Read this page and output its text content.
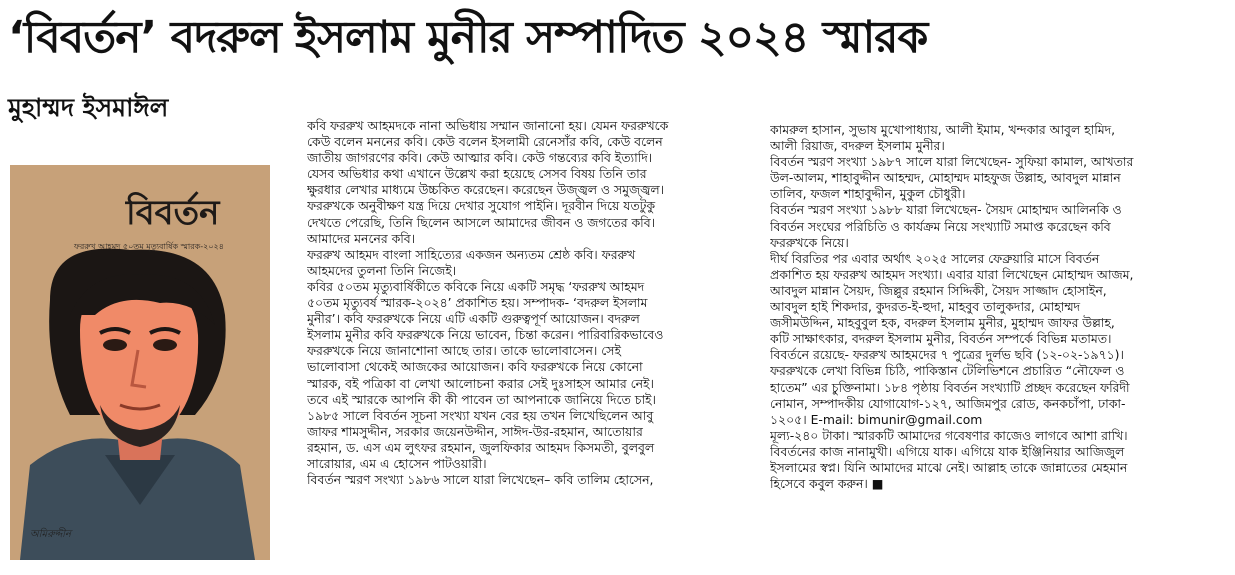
‘বিবর্তন’ বদরুল ইসলাম মুনীর সম্পাদিত ২০২৪ স্মারক
মুহাম্মদ ইসমাঈল
বিবর্তন
ফররুখ আহমদ ৫০তম মৃত্যুবার্ষিক স্মারক-২০২৪
অমিরুদ্দীন
কবি ফররুখ আহমদকে নানা অভিধায় সম্মান জানানো হয়। যেমন ফররুখকে
কেউ বলেন মননের কবি। কেউ বলেন ইসলামী রেনেসাঁর কবি, কেউ বলেন
জাতীয় জাগরণের কবি। কেউ আত্মার কবি। কেউ গন্তব্যের কবি ইত্যাদি।
যেসব অভিধার কথা এখানে উল্লেখ করা হয়েছে সেসব বিষয় তিনি তার
ক্ষুরধার লেখার মাধ্যমে উচ্চকিত করেছেন। করেছেন উজ্জ্বল ও সমুজ্জ্বল।
ফররুখকে অনুবীক্ষণ যন্ত্র দিয়ে দেখার সুযোগ পাইনি। দূরবীন দিয়ে যতটুকু
দেখতে পেরেছি, তিনি ছিলেন আসলে আমাদের জীবন ও জগতের কবি।
আমাদের মননের কবি।
ফররুখ আহমদ বাংলা সাহিত্যের একজন অন্যতম শ্রেষ্ঠ কবি। ফররুখ
আহমদের তুলনা তিনি নিজেই।
কবির ৫০তম মৃত্যুবার্ষিকীতে কবিকে নিয়ে একটি সমৃদ্ধ ‘ফররুখ আহমদ
৫০তম মৃত্যুবর্ষ স্মারক-২০২৪’ প্রকাশিত হয়। সম্পাদক- ‘বদরুল ইসলাম
মুনীর’। কবি ফররুখকে নিয়ে এটি একটি গুরুত্বপূর্ণ আয়োজন। বদরুল
ইসলাম মুনীর কবি ফররুখকে নিয়ে ভাবেন, চিন্তা করেন। পারিবারিকভাবেও
ফররুখকে নিয়ে জানাশোনা আছে তার। তাকে ভালোবাসেন। সেই
ভালোবাসা থেকেই আজকের আয়োজন। কবি ফররুখকে নিয়ে কোনো
স্মারক, বই পত্রিকা বা লেখা আলোচনা করার সেই দুঃসাহস আমার নেই।
তবে এই স্মারকে আপনি কী কী পাবেন তা আপনাকে জানিয়ে দিতে চাই।
১৯৮৫ সালে বিবর্তন সূচনা সংখ্যা যখন বের হয় তখন লিখেছিলেন আবু
জাফর শামসুদ্দীন, সরকার জয়েনউদ্দীন, সাঈদ-উর-রহমান, আতোয়ার
রহমান, ড. এস এম লুৎফর রহমান, জুলফিকার আহমদ কিসমতী, বুলবুল
সারোয়ার, এম এ হোসেন পাটওয়ারী।
বিবর্তন স্মরণ সংখ্যা ১৯৮৬ সালে যারা লিখেছেন– কবি তালিম হোসেন,
কামরুল হাসান, সুভাষ মুখোপাধ্যায়, আলী ইমাম, খন্দকার আবুল হামিদ,
আলী রিয়াজ, বদরুল ইসলাম মুনীর।
বিবর্তন স্মরণ সংখ্যা ১৯৮৭ সালে যারা লিখেছেন- সুফিয়া কামাল, আখতার
উল-আলম, শাহাবুদ্দীন আহম্মদ, মোহাম্মদ মাহফুজ উল্লাহ, আবদুল মান্নান
তালিব, ফজল শাহাবুদ্দীন, মুকুল চৌধুরী।
বিবর্তন স্মরণ সংখ্যা ১৯৮৮ যারা লিখেছেন- সৈয়দ মোহাম্মদ আলিনকি ও
বিবর্তন সংঘের পরিচিতি ও কার্যক্রম নিয়ে সংখ্যাটি সমাপ্ত করেছেন কবি
ফররুখকে নিয়ে।
দীর্ঘ বিরতির পর এবার অর্থাৎ ২০২৫ সালের ফেব্রুয়ারি মাসে বিবর্তন
প্রকাশিত হয় ফররুখ আহমদ সংখ্যা। এবার যারা লিখেছেন মোহাম্মদ আজম,
আবদুল মান্নান সৈয়দ, জিল্লুর রহমান সিদ্দিকী, সৈয়দ সাজ্জাদ হোসাইন,
আবদুল হাই শিকদার, কুদরত-ই-হুদা, মাহবুব তালুকদার, মোহাম্মদ
জসীমউদ্দিন, মাহবুবুল হক, বদরুল ইসলাম মুনীর, মুহাম্মদ জাফর উল্লাহ,
কটি সাক্ষাৎকার, বদরুল ইসলাম মুনীর, বিবর্তন সম্পর্কে বিভিন্ন মতামত।
বিবর্তনে রয়েছে- ফররুখ আহমদের ৭ পুত্রের দুর্লভ ছবি (১২-০২-১৯৭১)।
ফররুখকে লেখা বিভিন্ন চিঠি, পাকিস্তান টেলিভিশনে প্রচারিত “নৌফেল ও
হাতেম” এর চুক্তিনামা। ১৮৪ পৃষ্ঠায় বিবর্তন সংখ্যাটি প্রচ্ছদ করেছেন ফরিদী
নোমান, সম্পাদকীয় যোগাযোগ-১২৭, আজিমপুর রোড, কনকচাঁপা, ঢাকা-
১২০৫। E-mail: bimunir@gmail.com
মূল্য-২৪০ টাকা। স্মারকটি আমাদের গবেষণার কাজেও লাগবে আশা রাখি।
বিবর্তনের কাজ নানামুখী। এগিয়ে যাক। এগিয়ে যাক ইঞ্জিনিয়ার আজিজুল
ইসলামের স্বপ্ন। যিনি আমাদের মাঝে নেই। আল্লাহ তাকে জান্নাতের মেহমান
হিসেবে কবুল করুন। ■
